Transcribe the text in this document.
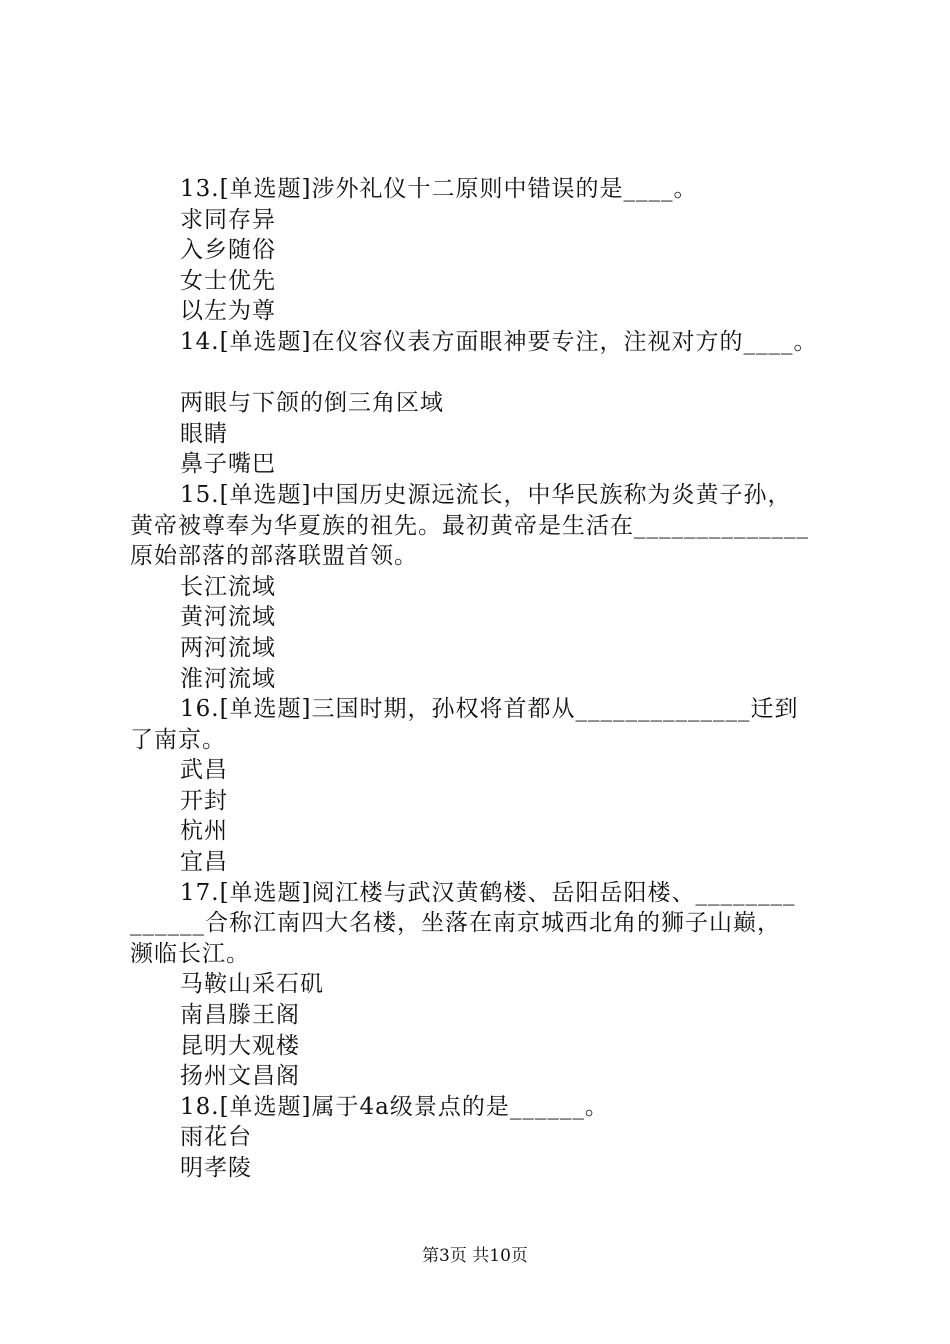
13.[单选题]涉外礼仪十二原则中错误的是____。
求同存异
入乡随俗
女士优先
以左为尊
14.[单选题]在仪容仪表方面眼神要专注，注视对方的____。
两眼与下颌的倒三角区域
眼睛
鼻子嘴巴
15.[单选题]中国历史源远流长，中华民族称为炎黄子孙，
黄帝被尊奉为华夏族的祖先。最初黄帝是生活在______________
原始部落的部落联盟首领。
长江流域
黄河流域
两河流域
淮河流域
16.[单选题]三国时期，孙权将首都从______________迁到
了南京。
武昌
开封
杭州
宜昌
17.[单选题]阅江楼与武汉黄鹤楼、岳阳岳阳楼、________
______合称江南四大名楼，坐落在南京城西北角的狮子山巅，
濒临长江。
马鞍山采石矶
南昌滕王阁
昆明大观楼
扬州文昌阁
18.[单选题]属于4a级景点的是______。
雨花台
明孝陵
第3页 共10页
